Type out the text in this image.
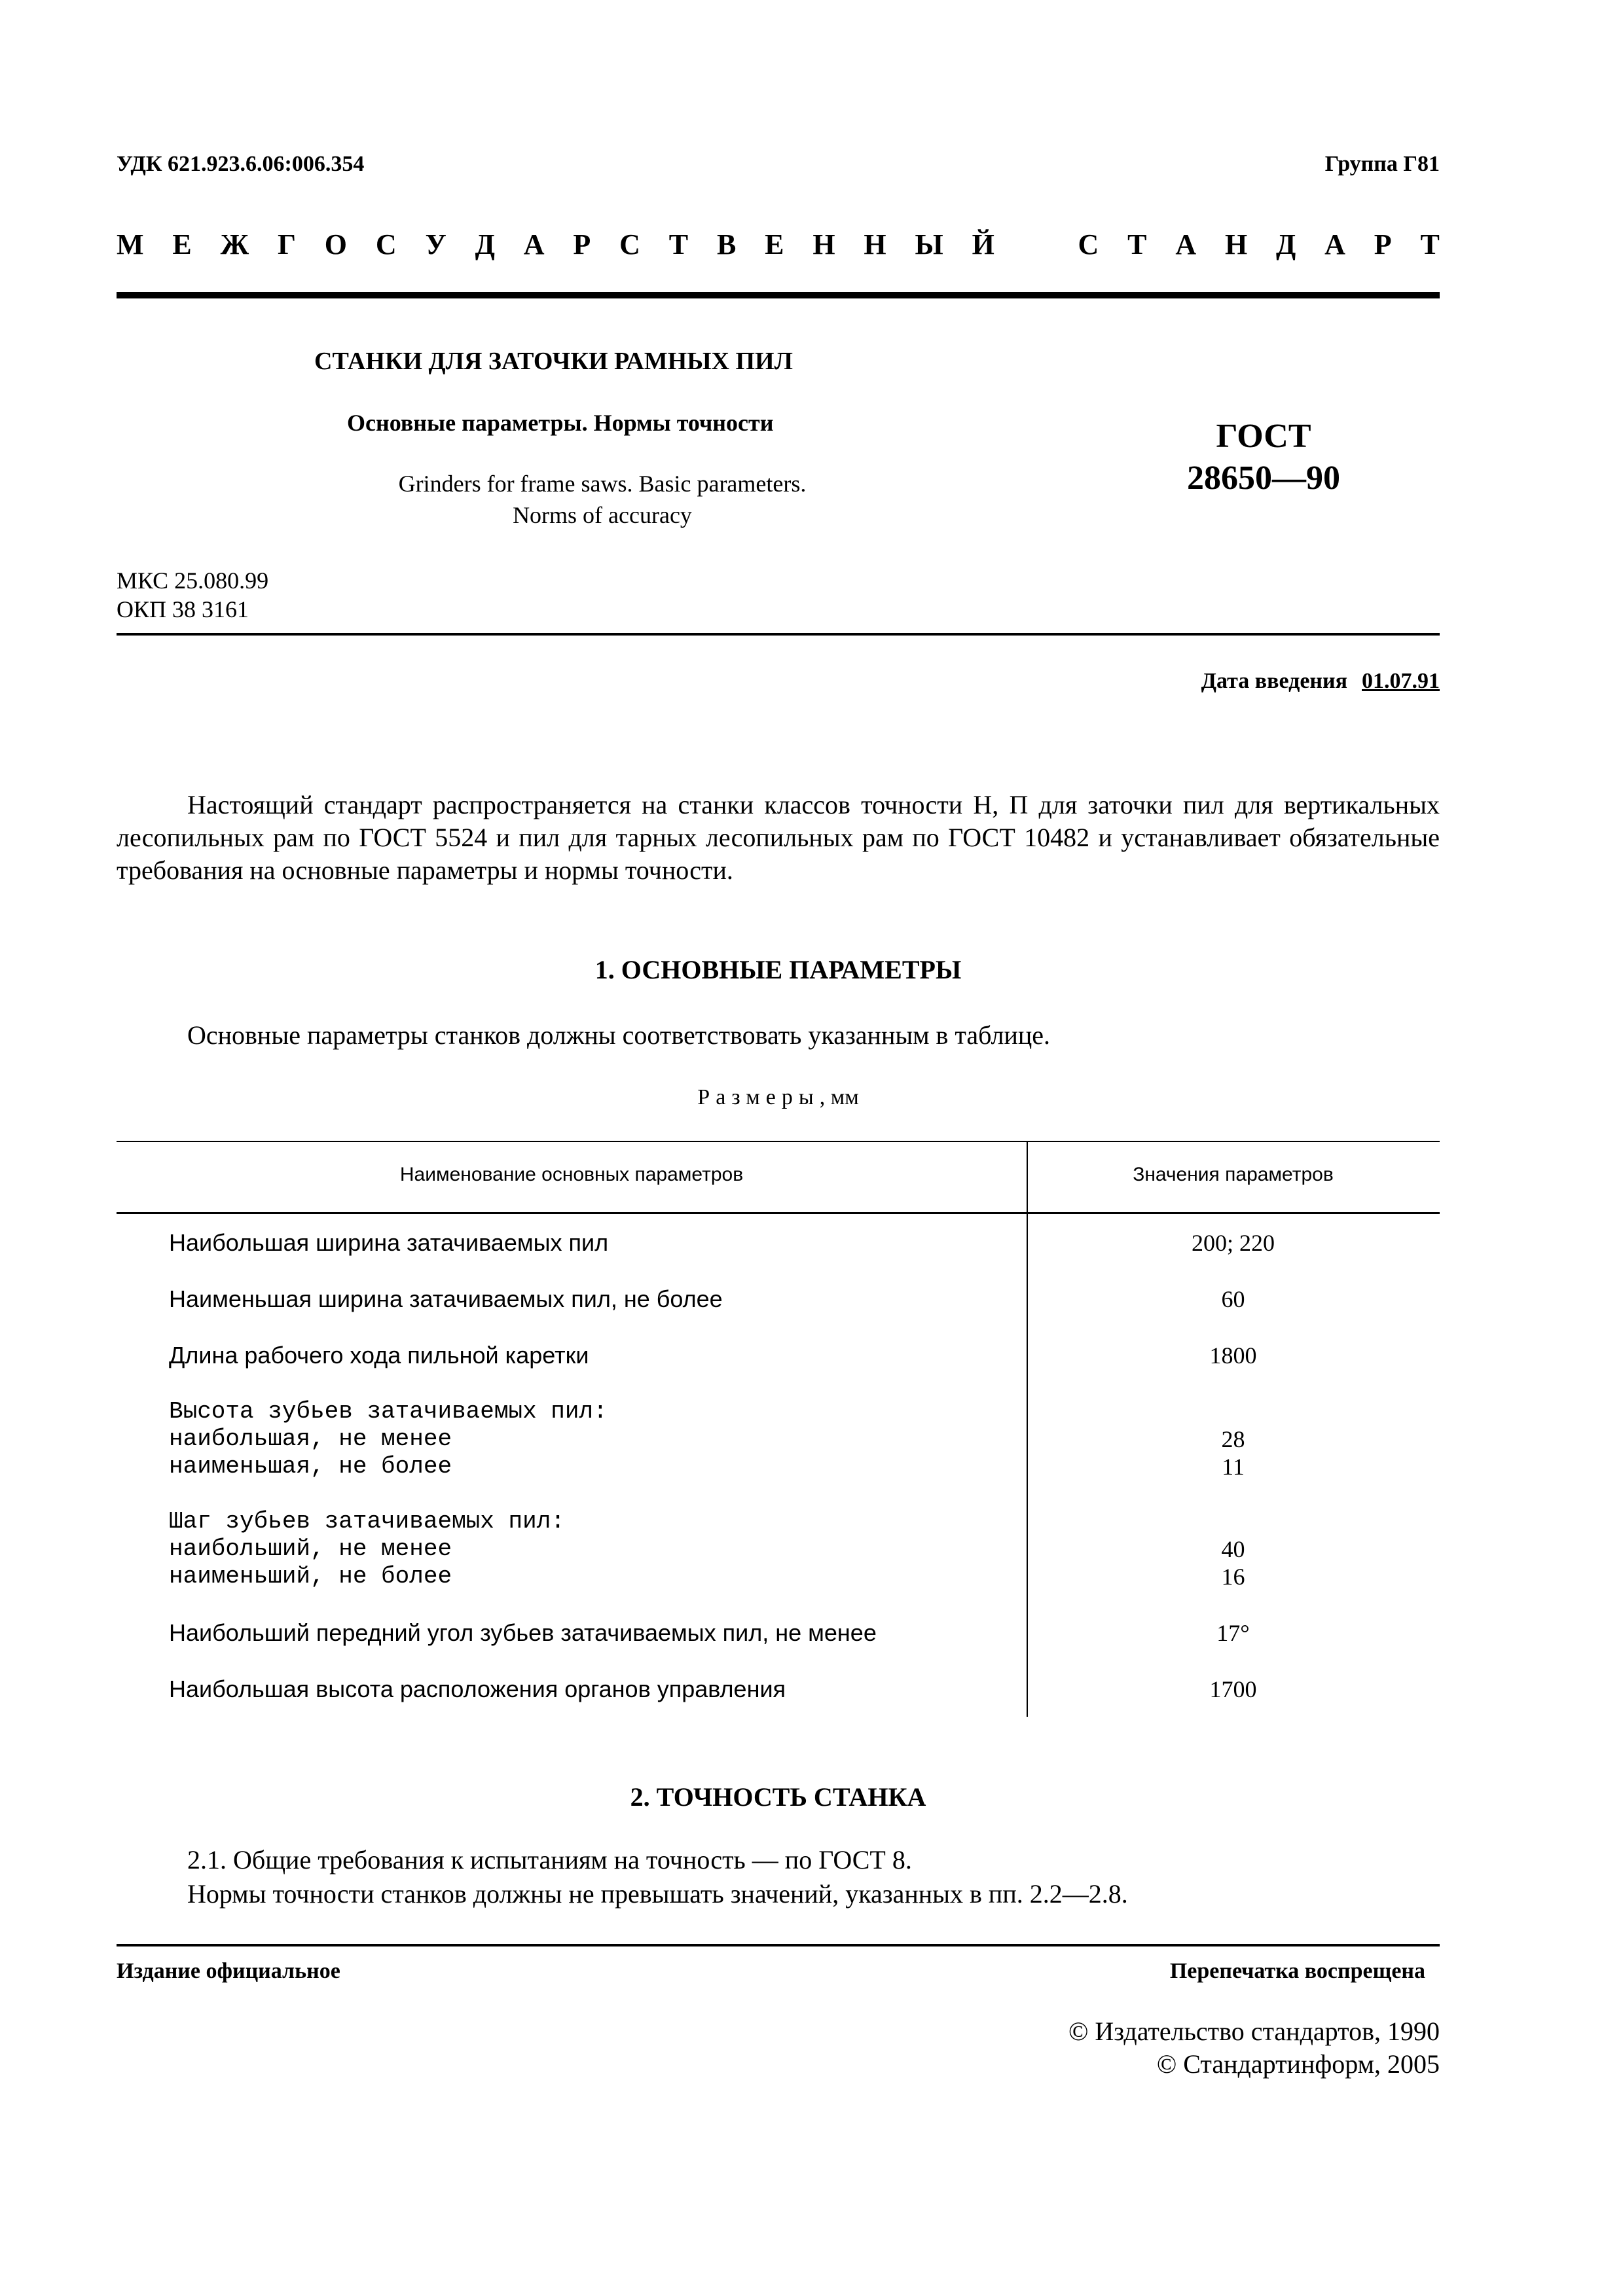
УДК 621.923.6.06:006.354	Группа Г81
М Е Ж Г О С У Д А Р С Т В Е Н Н Ы Й	С Т А Н Д А Р Т
СТАНКИ ДЛЯ ЗАТОЧКИ РАМНЫХ ПИЛ
Основные параметры. Нормы точности
Grinders for frame saws. Basic parameters.
Norms of accuracy
ГОСТ
28650—90
МКС 25.080.99
ОКП 38 3161
Дата введения 01.07.91
Настоящий стандарт распространяется на станки классов точности Н, П для заточки пил для вертикальных лесопильных рам по ГОСТ 5524 и пил для тарных лесопильных рам по ГОСТ 10482 и устанавливает обязательные требования на основные параметры и нормы точности.
1. ОСНОВНЫЕ ПАРАМЕТРЫ
Основные параметры станков должны соответствовать указанным в таблице.
Размеры, мм
Наименование основных параметров	Значения параметров
Наибольшая ширина затачиваемых пил	200; 220
Наименьшая ширина затачиваемых пил, не более	60
Длина рабочего хода пильной каретки	1800
Высота зубьев затачиваемых пил:
наибольшая, не менее	28
наименьшая, не более	11
Шаг зубьев затачиваемых пил:
наибольший, не менее	40
наименьший, не более	16
Наибольший передний угол зубьев затачиваемых пил, не менее	17°
Наибольшая высота расположения органов управления	1700
2. ТОЧНОСТЬ СТАНКА
2.1. Общие требования к испытаниям на точность — по ГОСТ 8.
Нормы точности станков должны не превышать значений, указанных в пп. 2.2—2.8.
Издание официальное	Перепечатка воспрещена
© Издательство стандартов, 1990
© Стандартинформ, 2005
